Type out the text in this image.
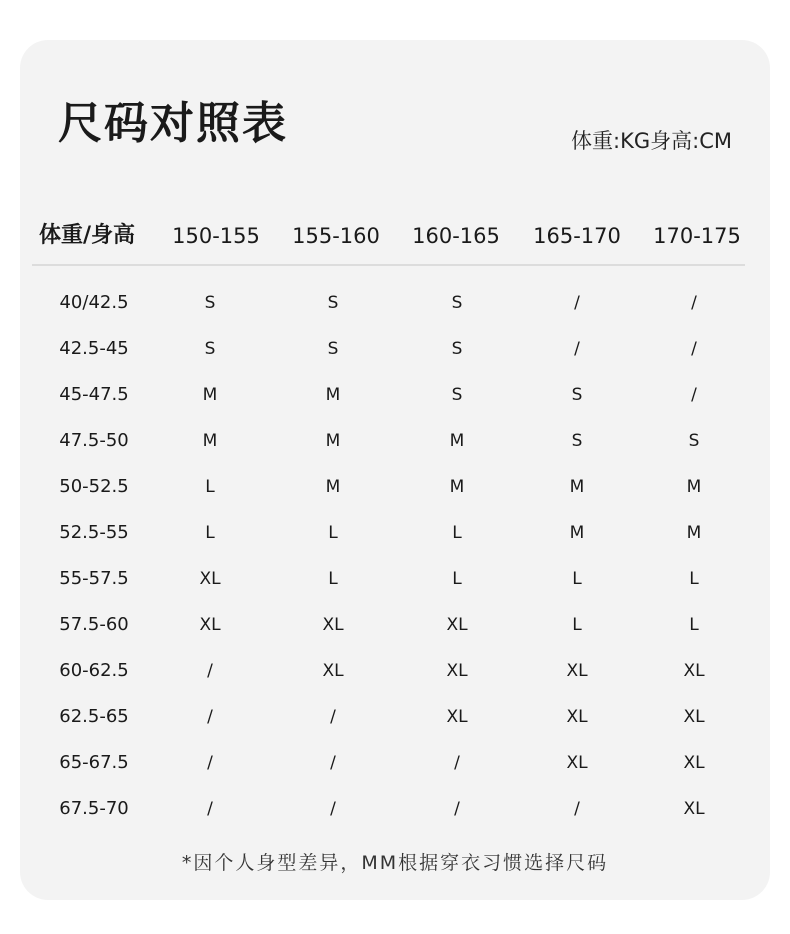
尺码对照表	体重:KG身高:CM
体重/身高 150-155 155-160 160-165 165-170 170-175
40/42.5	S	S	S	/	/
42.5-45	S	S	S	/	/
45-47.5	M	M	S	S	/
47.5-50	M	M	M	S	S
50-52.5	L	M	M	M	M
52.5-55	L	L	L	M	M
55-57.5	XL	L	L	L	L
57.5-60	XL	XL	XL	L	L
60-62.5	/	XL	XL	XL	XL
62.5-65	/	/	XL	XL	XL
65-67.5	/	/	/	XL	XL
67.5-70	/	/	/	/	XL
*因个人身型差异，MM根据穿衣习惯选择尺码
